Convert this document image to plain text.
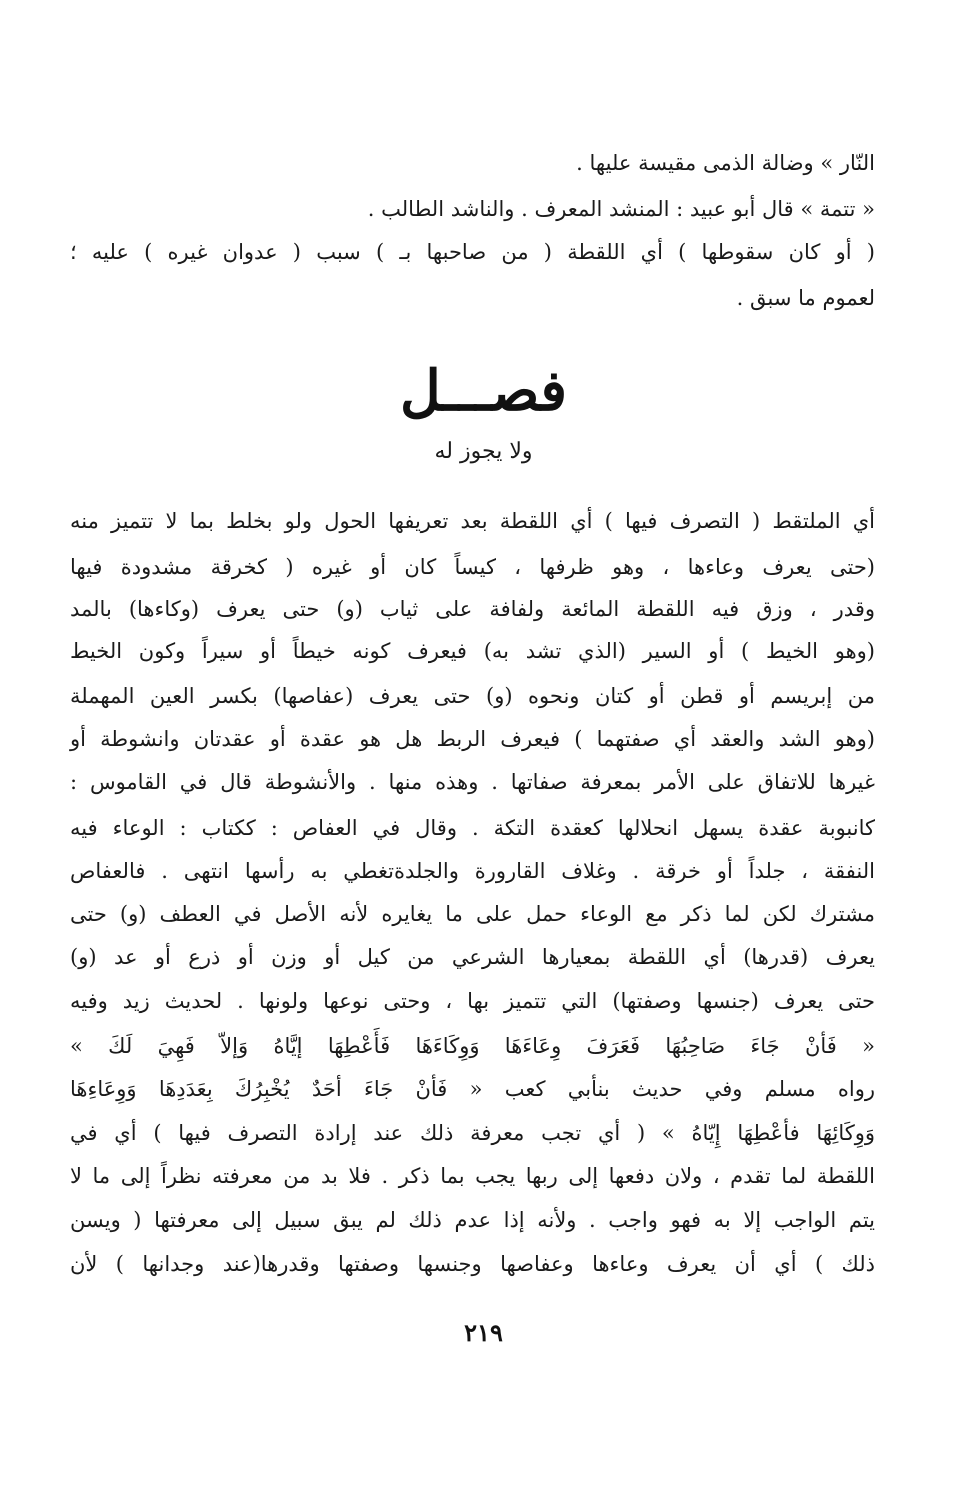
النّار » وضالة الذمى مقيسة عليها .
« تتمة » قال أبو عبيد : المنشد المعرف . والناشد الطالب .
( أو كان سقوطها ) أي اللقطة ( من صاحبها بـ ) سبب ( عدوان غيره ) عليه ؛
لعموم ما سبق .
فصـــل
ولا يجوز له
أي الملتقط ( التصرف فيها ) أي اللقطة بعد تعريفها الحول ولو بخلط بما لا تتميز منه
(حتى يعرف وعاءها ، وهو ظرفها ، كيساً كان أو غيره ( كخرقة مشدودة فيها
وقدر ، وزق فيه اللقطة المائعة ولفافة على ثياب (و) حتى يعرف (وكاءها) بالمد
(وهو الخيط ) أو السير (الذي تشد به) فيعرف كونه خيطاً أو سيراً وكون الخيط
من إبريسم أو قطن أو كتان ونحوه (و) حتى يعرف (عفاصها) بكسر العين المهملة
(وهو الشد والعقد أي صفتهما ) فيعرف الربط هل هو عقدة أو عقدتان وانشوطة أو
غيرها للاتفاق على الأمر بمعرفة صفاتها . وهذه منها . والأنشوطة قال في القاموس :
كانبوبة عقدة يسهل انحلالها كعقدة التكة . وقال في العفاص : ككتاب : الوعاء فيه
النفقة ، جلداً أو خرقة . وغلاف القارورة والجلدةتغطي به رأسها انتهى . فالعفاص
مشترك لكن لما ذكر مع الوعاء حمل على ما يغايره لأنه الأصل في العطف (و) حتى
يعرف (قدرها) أي اللقطة بمعيارها الشرعي من كيل أو وزن أو ذرع أو عد (و)
حتى يعرف (جنسها وصفتها) التي تتميز بها ، وحتى نوعها ولونها . لحديث زيد وفيه
« فَأنْ جَاءَ صَاحِبُهَا فَعَرَفَ وِعَاءَهَا وَوِكَاءَهَا فَأَعْطِهَا إيَّاهُ وَإلاّ فَهِيَ لَكَ »
رواه مسلم وفي حديث بنأبي كعب « فَأنْ جَاءَ أحَدٌ يُخْبِرُكَ بِعَدَدِهَا وَوِعَاءِهَا
وَوِكَائِهَا فأعْطِهَا إِيّاهُ » ( أي تجب معرفة ذلك عند إرادة التصرف فيها ) أي في
اللقطة لما تقدم ، ولان دفعها إلى ربها يجب بما ذكر . فلا بد من معرفته نظراً إلى ما لا
يتم الواجب إلا به فهو واجب . ولأنه إذا عدم ذلك لم يبق سبيل إلى معرفتها ( ويسن
ذلك ) أي أن يعرف وعاءها وعفاصها وجنسها وصفتها وقدرها(عند وجدانها ) لأن
٢١٩
